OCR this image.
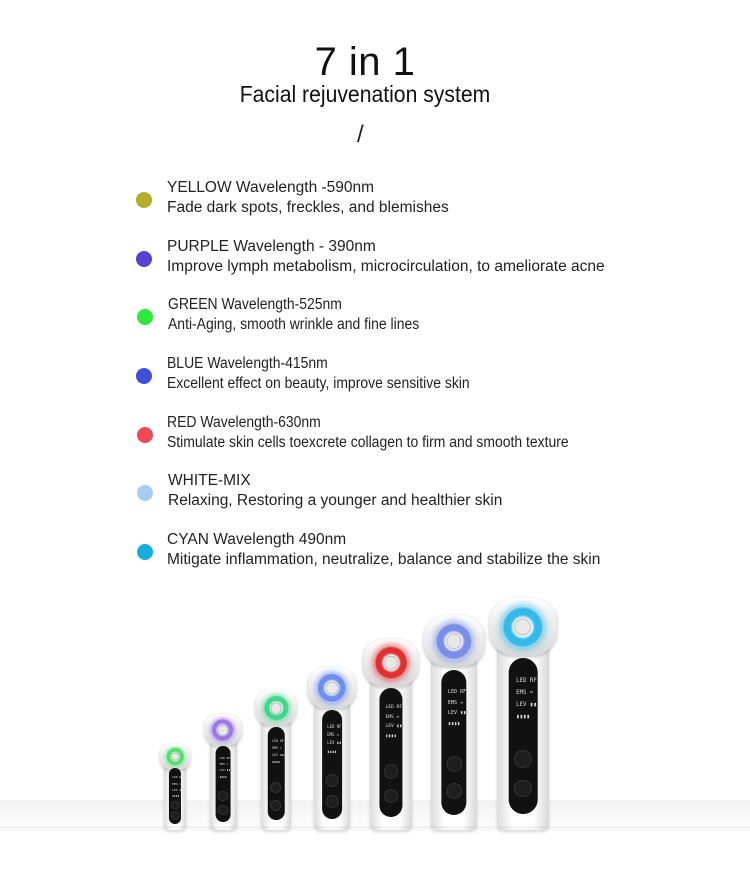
7 in 1
Facial rejuvenation system
/
YELLOW Wavelength -590nm
Fade dark spots, freckles, and blemishes
PURPLE Wavelength - 390nm
Improve lymph metabolism, microcirculation, to ameliorate acne
GREEN Wavelength-525nm
Anti-Aging, smooth wrinkle and fine lines
BLUE Wavelength-415nm
Excellent effect on beauty, improve sensitive skin
RED Wavelength-630nm
Stimulate skin cells toexcrete collagen to firm and smooth texture
WHITE-MIX
Relaxing, Restoring a younger and healthier skin
CYAN Wavelength 490nm
Mitigate inflammation, neutralize, balance and stabilize the skin
LED RF
EMS ≈
LEV ▮▮▮
▮▮▮▮
LED RF
EMS ≈
LEV ▮▮▮
▮▮▮▮
LED RF
EMS ≈
LEV ▮▮▮
▮▮▮▮
LED RF
EMS ≈
LEV ▮▮▮
▮▮▮▮
LED RF
EMS ≈
LEV ▮▮▮
▮▮▮▮
LED RF
EMS ≈
LEV ▮▮▮
▮▮▮▮
LED RF
EMS ≈
LEV ▮▮▮
▮▮▮▮
